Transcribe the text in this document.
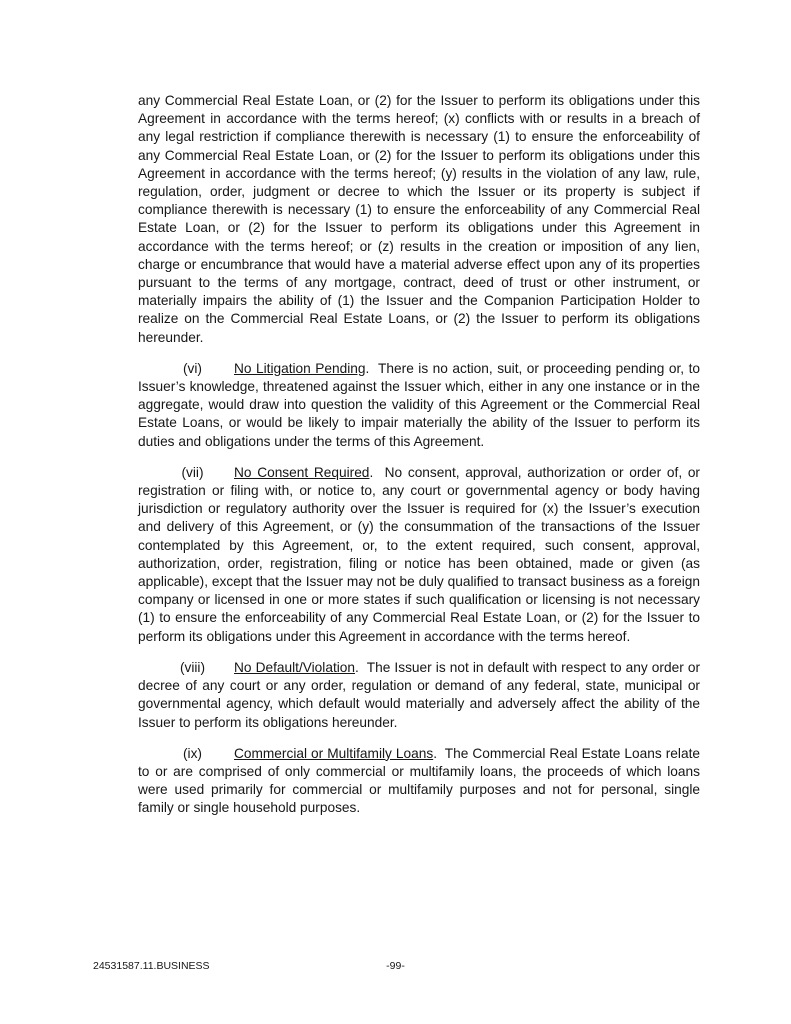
any Commercial Real Estate Loan, or (2) for the Issuer to perform its obligations under this Agreement in accordance with the terms hereof; (x) conflicts with or results in a breach of any legal restriction if compliance therewith is necessary (1) to ensure the enforceability of any Commercial Real Estate Loan, or (2) for the Issuer to perform its obligations under this Agreement in accordance with the terms hereof; (y) results in the violation of any law, rule, regulation, order, judgment or decree to which the Issuer or its property is subject if compliance therewith is necessary (1) to ensure the enforceability of any Commercial Real Estate Loan, or (2) for the Issuer to perform its obligations under this Agreement in accordance with the terms hereof; or (z) results in the creation or imposition of any lien, charge or encumbrance that would have a material adverse effect upon any of its properties pursuant to the terms of any mortgage, contract, deed of trust or other instrument, or materially impairs the ability of (1) the Issuer and the Companion Participation Holder to realize on the Commercial Real Estate Loans, or (2) the Issuer to perform its obligations hereunder.

(vi) No Litigation Pending.  There is no action, suit, or proceeding pending or, to Issuer’s knowledge, threatened against the Issuer which, either in any one instance or in the aggregate, would draw into question the validity of this Agreement or the Commercial Real Estate Loans, or would be likely to impair materially the ability of the Issuer to perform its duties and obligations under the terms of this Agreement.

(vii) No Consent Required.  No consent, approval, authorization or order of, or registration or filing with, or notice to, any court or governmental agency or body having jurisdiction or regulatory authority over the Issuer is required for (x) the Issuer’s execution and delivery of this Agreement, or (y) the consummation of the transactions of the Issuer contemplated by this Agreement, or, to the extent required, such consent, approval, authorization, order, registration, filing or notice has been obtained, made or given (as applicable), except that the Issuer may not be duly qualified to transact business as a foreign company or licensed in one or more states if such qualification or licensing is not necessary (1) to ensure the enforceability of any Commercial Real Estate Loan, or (2) for the Issuer to perform its obligations under this Agreement in accordance with the terms hereof.

(viii) No Default/Violation.  The Issuer is not in default with respect to any order or decree of any court or any order, regulation or demand of any federal, state, municipal or governmental agency, which default would materially and adversely affect the ability of the Issuer to perform its obligations hereunder.

(ix) Commercial or Multifamily Loans.  The Commercial Real Estate Loans relate to or are comprised of only commercial or multifamily loans, the proceeds of which loans were used primarily for commercial or multifamily purposes and not for personal, single family or single household purposes.

24531587.11.BUSINESS	-99-
